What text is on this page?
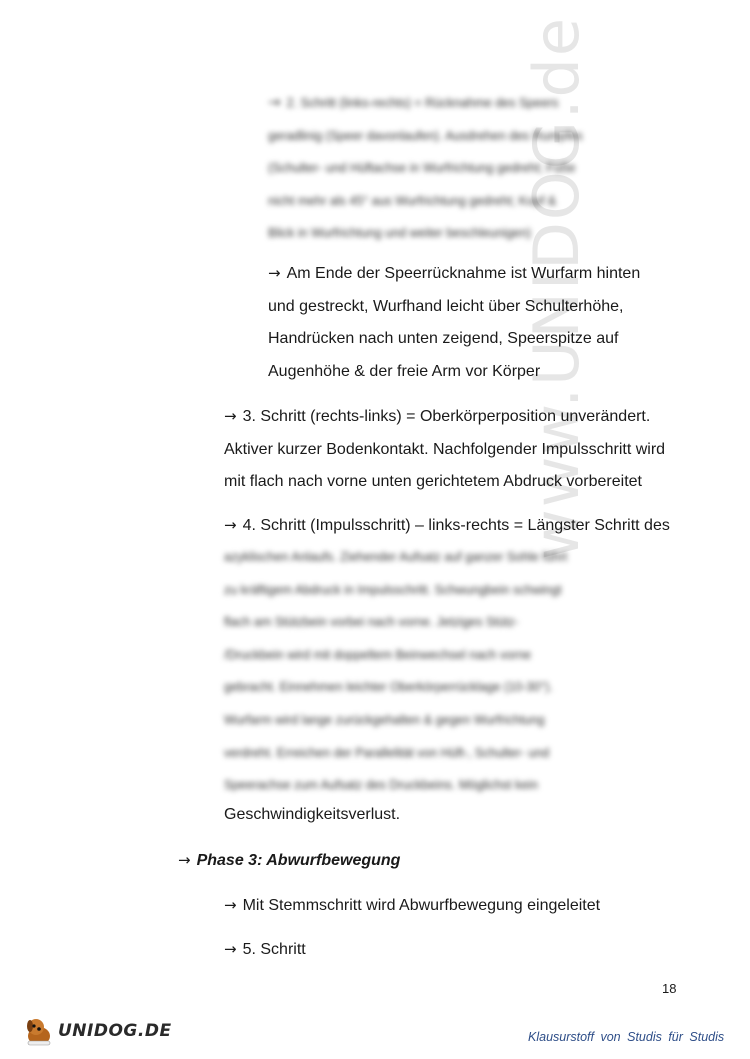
www.UNIDOG.de
→ 2. Schritt (links-rechts) = Rücknahme des Speers
geradlinig (Speer davonlaufen). Ausdrehen des Rumpfes
(Schulter- und Hüftachse in Wurfrichtung gedreht; Füße
nicht mehr als 45° aus Wurfrichtung gedreht; Kopf &
Blick in Wurfrichtung und weiter beschleunigen)
→ Am Ende der Speerrücknahme ist Wurfarm hinten
und gestreckt, Wurfhand leicht über Schulterhöhe,
Handrücken nach unten zeigend, Speerspitze auf
Augenhöhe & der freie Arm vor Körper
→ 3. Schritt (rechts-links) = Oberkörperposition unverändert.
Aktiver kurzer Bodenkontakt. Nachfolgender Impulsschritt wird
mit flach nach vorne unten gerichtetem Abdruck vorbereitet
→ 4. Schritt (Impulsschritt) – links-rechts = Längster Schritt des
azyklischen Anlaufs. Ziehender Aufsatz auf ganzer Sohle führt
zu kräftigem Abdruck in Impulsschritt. Schwungbein schwingt
flach am Stützbein vorbei nach vorne. Jetziges Stütz-
/Druckbein wird mit doppeltem Beinwechsel nach vorne
gebracht. Einnehmen leichter Oberkörperrücklage (10-30°).
Wurfarm wird lange zurückgehalten & gegen Wurfrichtung
verdreht. Erreichen der Parallelität von Hüft-, Schulter- und
Speerachse zum Aufsatz des Druckbeins. Möglichst kein
Geschwindigkeitsverlust.
→ Phase 3: Abwurfbewegung
→ Mit Stemmschritt wird Abwurfbewegung eingeleitet
→ 5. Schritt
18
UNIDOG.DE	Klausurstoff von Studis für Studis
